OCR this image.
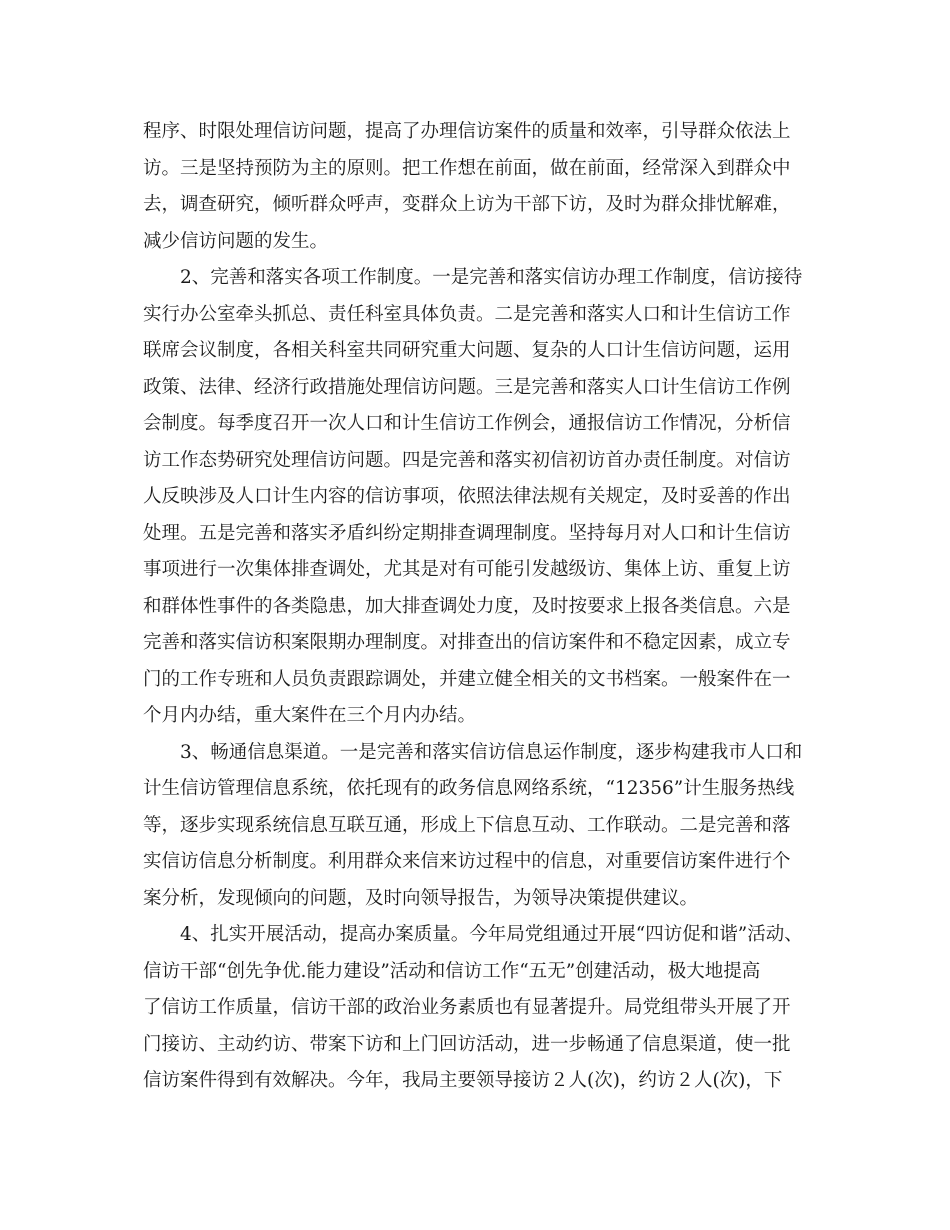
程序、时限处理信访问题，提高了办理信访案件的质量和效率，引导群众依法上
访。三是坚持预防为主的原则。把工作想在前面，做在前面，经常深入到群众中
去，调查研究，倾听群众呼声，变群众上访为干部下访，及时为群众排忧解难，
减少信访问题的发生。
2、完善和落实各项工作制度。一是完善和落实信访办理工作制度，信访接待
实行办公室牵头抓总、责任科室具体负责。二是完善和落实人口和计生信访工作
联席会议制度，各相关科室共同研究重大问题、复杂的人口计生信访问题，运用
政策、法律、经济行政措施处理信访问题。三是完善和落实人口计生信访工作例
会制度。每季度召开一次人口和计生信访工作例会，通报信访工作情况，分析信
访工作态势研究处理信访问题。四是完善和落实初信初访首办责任制度。对信访
人反映涉及人口计生内容的信访事项，依照法律法规有关规定，及时妥善的作出
处理。五是完善和落实矛盾纠纷定期排查调理制度。坚持每月对人口和计生信访
事项进行一次集体排查调处，尤其是对有可能引发越级访、集体上访、重复上访
和群体性事件的各类隐患，加大排查调处力度，及时按要求上报各类信息。六是
完善和落实信访积案限期办理制度。对排查出的信访案件和不稳定因素，成立专
门的工作专班和人员负责跟踪调处，并建立健全相关的文书档案。一般案件在一
个月内办结，重大案件在三个月内办结。
3、畅通信息渠道。一是完善和落实信访信息运作制度，逐步构建我市人口和
计生信访管理信息系统，依托现有的政务信息网络系统，“12356”计生服务热线
等，逐步实现系统信息互联互通，形成上下信息互动、工作联动。二是完善和落
实信访信息分析制度。利用群众来信来访过程中的信息，对重要信访案件进行个
案分析，发现倾向的问题，及时向领导报告，为领导决策提供建议。
4、扎实开展活动，提高办案质量。今年局党组通过开展“四访促和谐”活动、
信访干部“创先争优.能力建设”活动和信访工作“五无”创建活动，极大地提高
了信访工作质量，信访干部的政治业务素质也有显著提升。局党组带头开展了开
门接访、主动约访、带案下访和上门回访活动，进一步畅通了信息渠道，使一批
信访案件得到有效解决。今年，我局主要领导接访２人(次)，约访２人(次)，下
